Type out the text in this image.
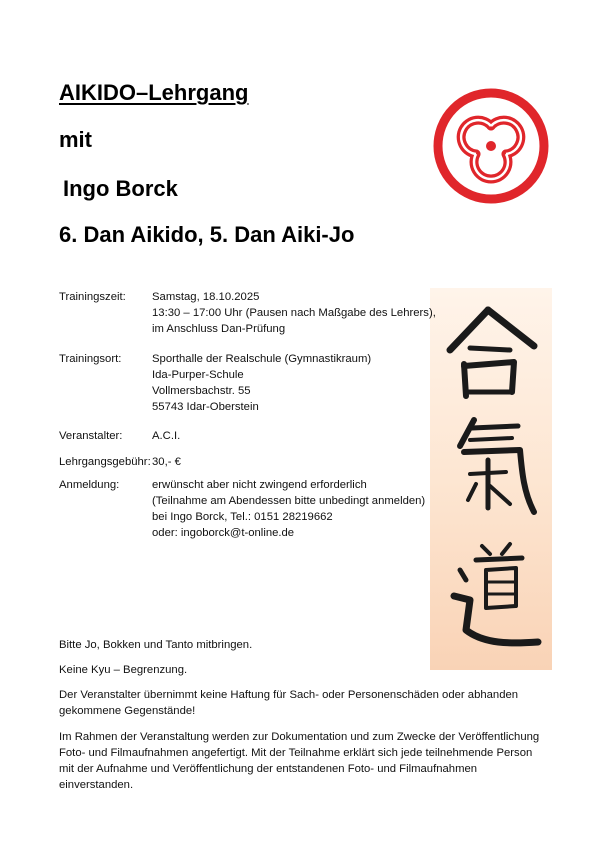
AIKIDO–Lehrgang
mit
Ingo Borck
6. Dan Aikido, 5. Dan Aiki-Jo
Trainingszeit: Samstag, 18.10.2025
13:30 – 17:00 Uhr (Pausen nach Maßgabe des Lehrers),
im Anschluss Dan-Prüfung
Trainingsort:	Sporthalle der Realschule (Gymnastikraum)
Ida-Purper-Schule
Vollmersbachstr. 55
55743 Idar-Oberstein
Veranstalter:	A.C.I.
Lehrgangsgebühr: 30,- €
Anmeldung:	erwünscht aber nicht zwingend erforderlich
(Teilnahme am Abendessen bitte unbedingt anmelden)
bei Ingo Borck, Tel.: 0151 28219662
oder: ingoborck@t-online.de
Bitte Jo, Bokken und Tanto mitbringen.
Keine Kyu – Begrenzung.
Der Veranstalter übernimmt keine Haftung für Sach- oder Personenschäden oder abhanden
gekommene Gegenstände!
Im Rahmen der Veranstaltung werden zur Dokumentation und zum Zwecke der Veröffentlichung
Foto- und Filmaufnahmen angefertigt. Mit der Teilnahme erklärt sich jede teilnehmende Person
mit der Aufnahme und Veröffentlichung der entstandenen Foto- und Filmaufnahmen
einverstanden.
